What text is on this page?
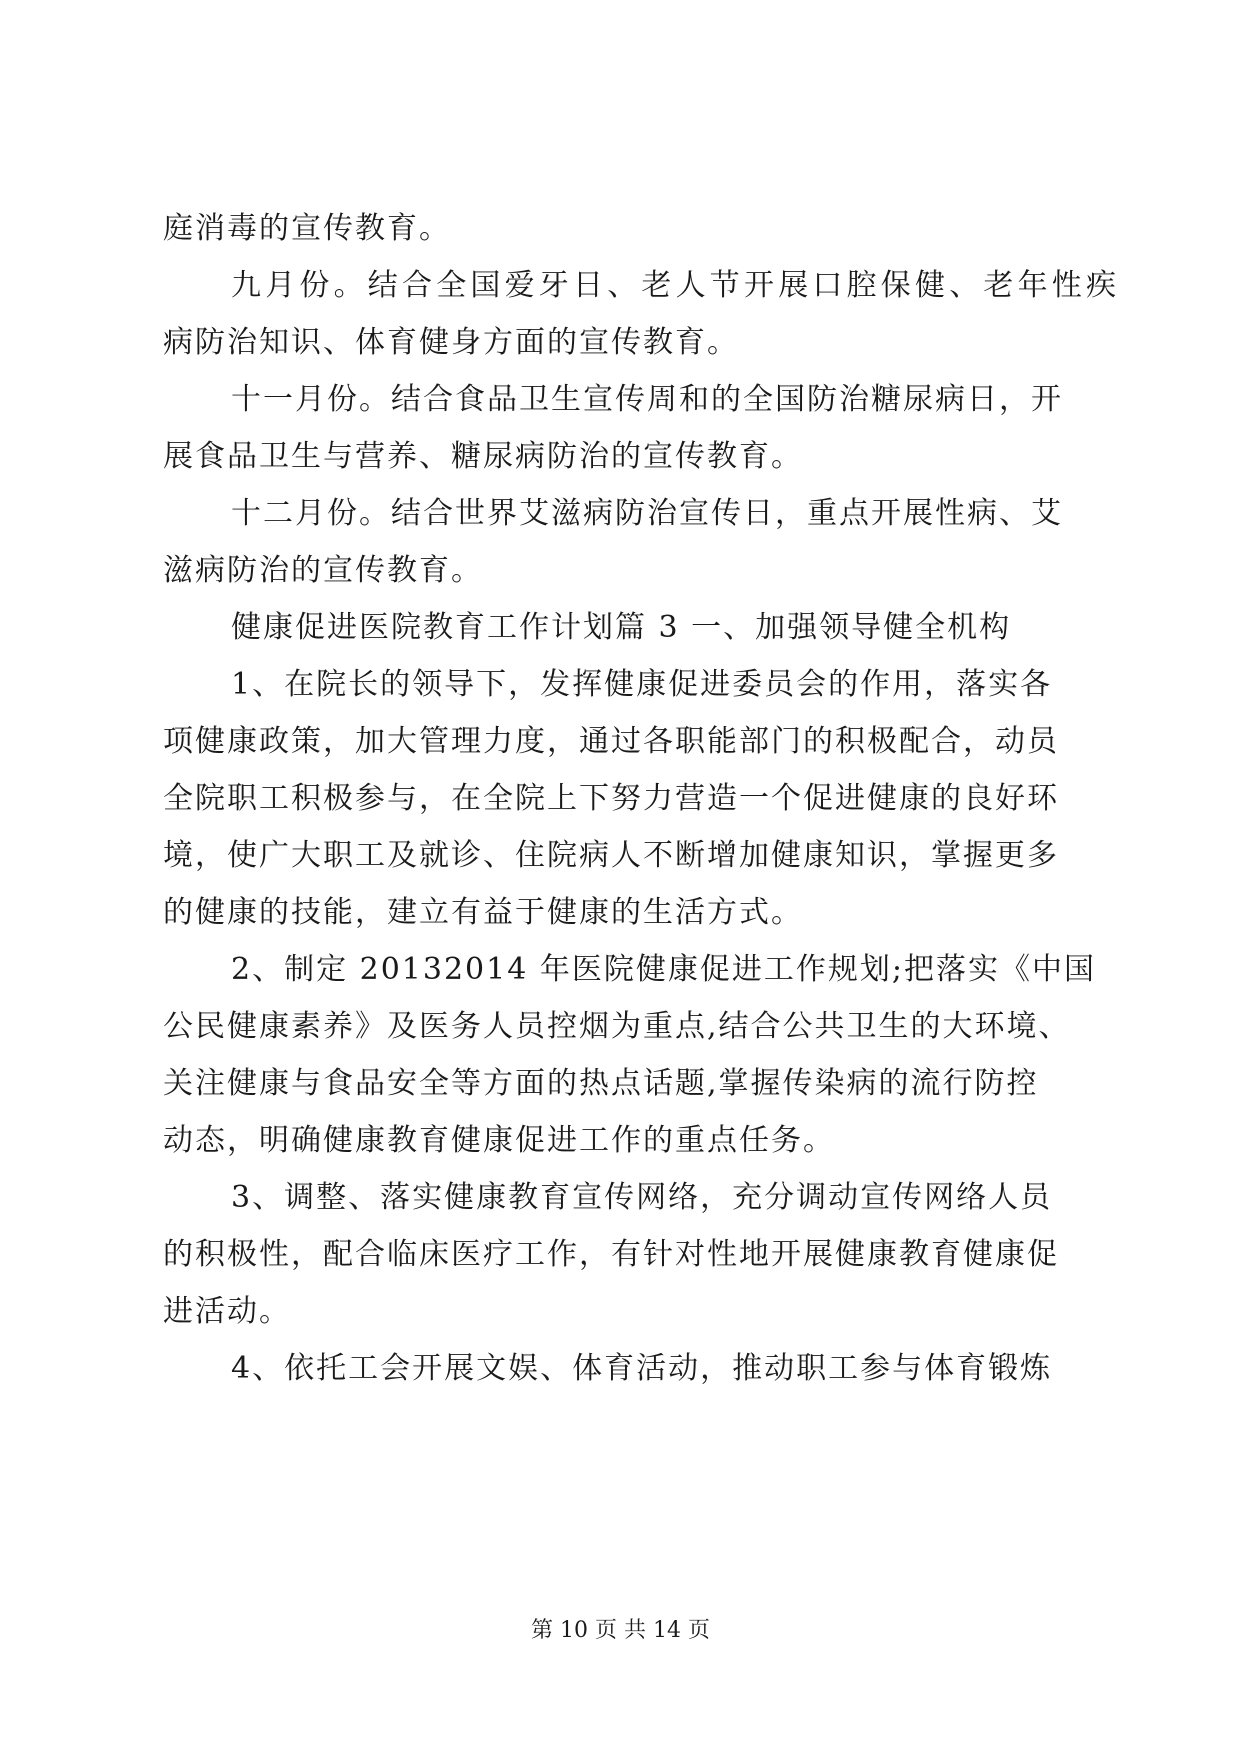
庭消毒的宣传教育。
九月份。结合全国爱牙日、老人节开展口腔保健、老年性疾
病防治知识、体育健身方面的宣传教育。
十一月份。结合食品卫生宣传周和的全国防治糖尿病日，开
展食品卫生与营养、糖尿病防治的宣传教育。
十二月份。结合世界艾滋病防治宣传日，重点开展性病、艾
滋病防治的宣传教育。
健康促进医院教育工作计划篇 3 一、加强领导健全机构
1、在院长的领导下，发挥健康促进委员会的作用，落实各
项健康政策，加大管理力度，通过各职能部门的积极配合，动员
全院职工积极参与，在全院上下努力营造一个促进健康的良好环
境，使广大职工及就诊、住院病人不断增加健康知识，掌握更多
的健康的技能，建立有益于健康的生活方式。
2、制定 20132014 年医院健康促进工作规划;把落实《中国
公民健康素养》及医务人员控烟为重点,结合公共卫生的大环境、
关注健康与食品安全等方面的热点话题,掌握传染病的流行防控
动态，明确健康教育健康促进工作的重点任务。
3、调整、落实健康教育宣传网络，充分调动宣传网络人员
的积极性，配合临床医疗工作，有针对性地开展健康教育健康促
进活动。
4、依托工会开展文娱、体育活动，推动职工参与体育锻炼
第 10 页 共 14 页
